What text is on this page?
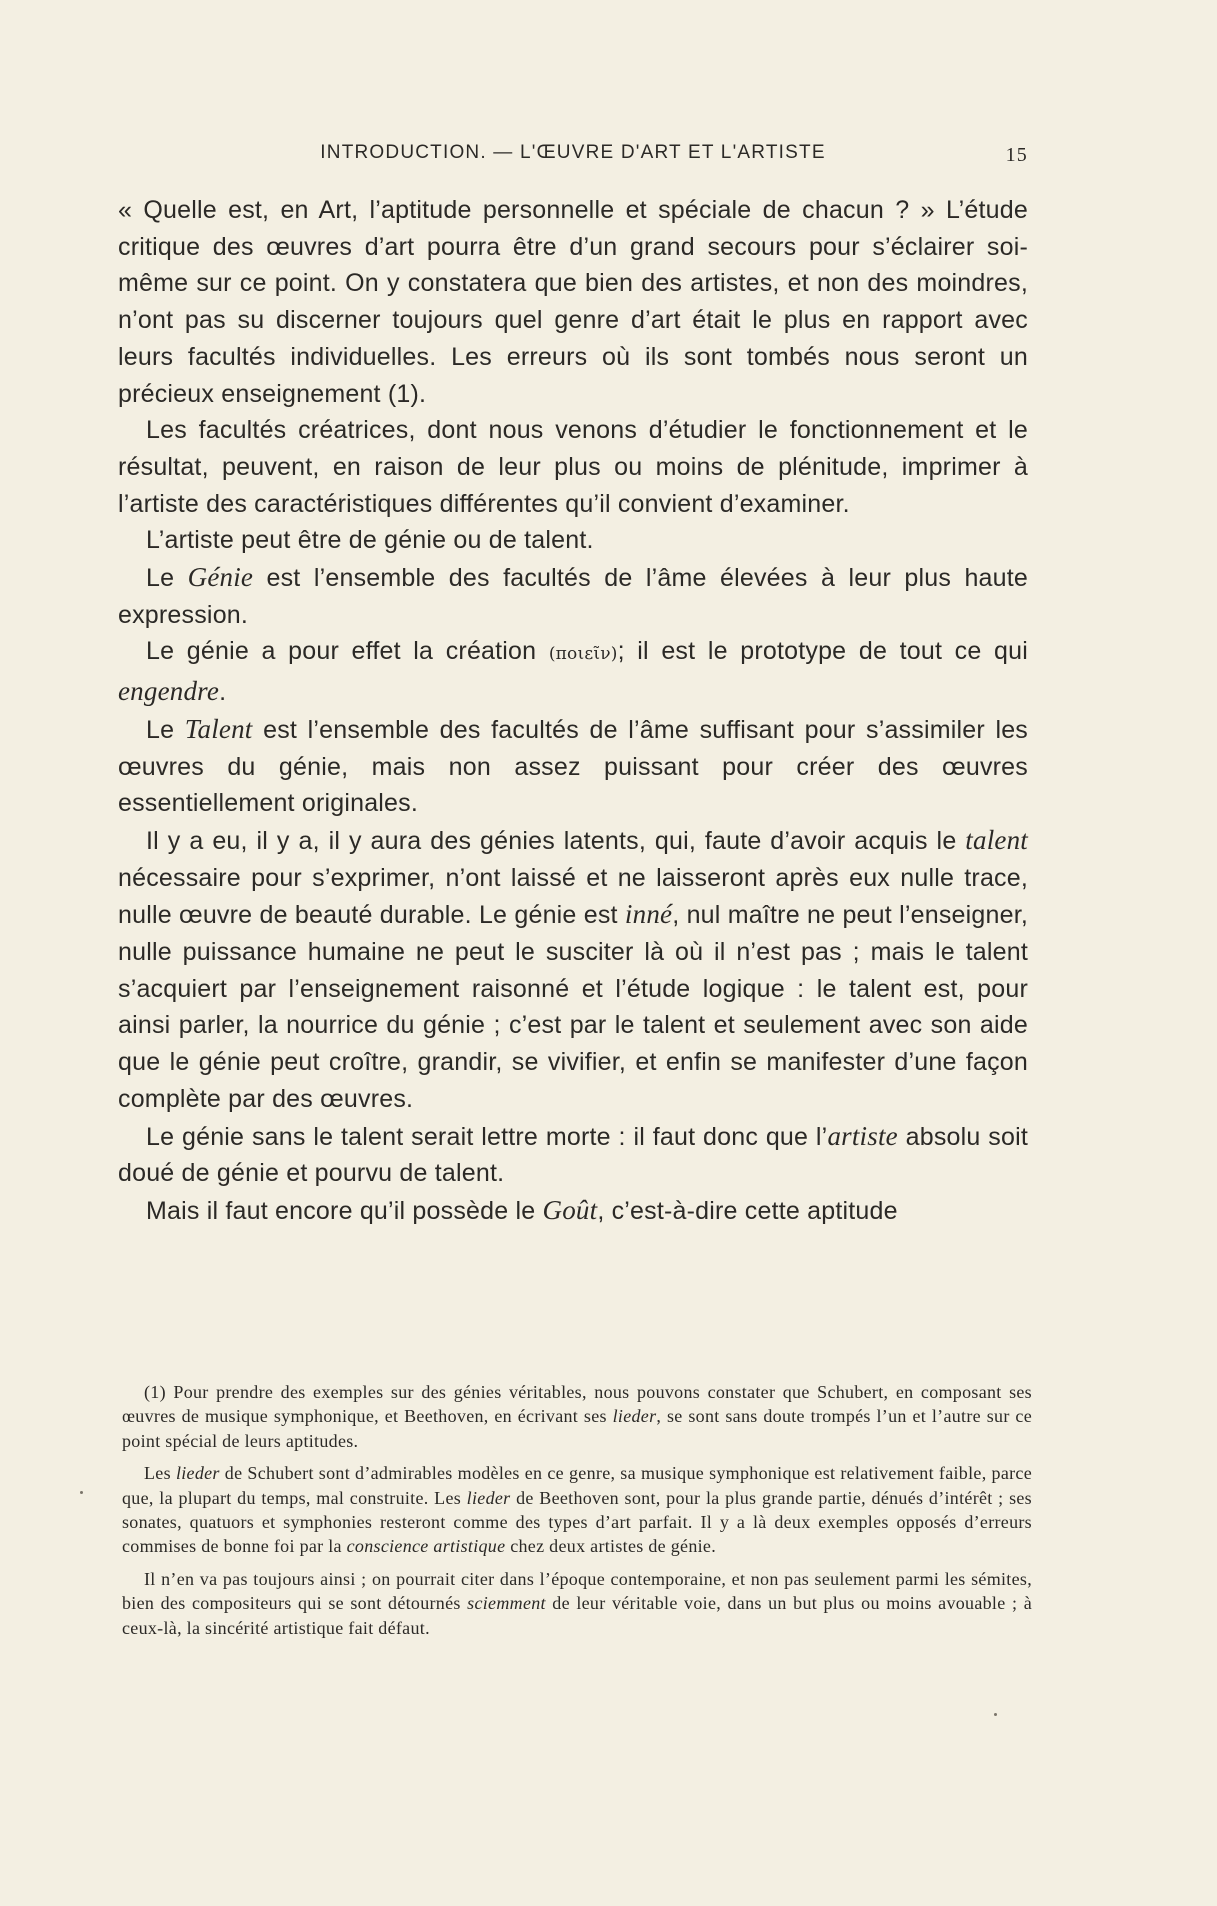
INTRODUCTION. — L'ŒUVRE D'ART ET L'ARTISTE	15

« Quelle est, en Art, l’aptitude personnelle et spéciale de chacun ? » L’étude critique des œuvres d’art pourra être d’un grand secours pour s’éclairer soi-même sur ce point. On y constatera que bien des artistes, et non des moindres, n’ont pas su discerner toujours quel genre d’art était le plus en rapport avec leurs facultés individuelles. Les erreurs où ils sont tombés nous seront un précieux enseignement (1).

Les facultés créatrices, dont nous venons d’étudier le fonctionnement et le résultat, peuvent, en raison de leur plus ou moins de plénitude, imprimer à l’artiste des caractéristiques différentes qu’il convient d’examiner.

L’artiste peut être de génie ou de talent.

Le Génie est l’ensemble des facultés de l’âme élevées à leur plus haute expression.

Le génie a pour effet la création (ποιεῖν); il est le prototype de tout ce qui engendre.

Le Talent est l’ensemble des facultés de l’âme suffisant pour s’assimiler les œuvres du génie, mais non assez puissant pour créer des œuvres essentiellement originales.

Il y a eu, il y a, il y aura des génies latents, qui, faute d’avoir acquis le talent nécessaire pour s’exprimer, n’ont laissé et ne laisseront après eux nulle trace, nulle œuvre de beauté durable. Le génie est inné, nul maître ne peut l’enseigner, nulle puissance humaine ne peut le susciter là où il n’est pas ; mais le talent s’acquiert par l’enseignement raisonné et l’étude logique : le talent est, pour ainsi parler, la nourrice du génie ; c’est par le talent et seulement avec son aide que le génie peut croître, grandir, se vivifier, et enfin se manifester d’une façon complète par des œuvres.

Le génie sans le talent serait lettre morte : il faut donc que l’artiste absolu soit doué de génie et pourvu de talent.

Mais il faut encore qu’il possède le Goût, c’est-à-dire cette aptitude

(1) Pour prendre des exemples sur des génies véritables, nous pouvons constater que Schubert, en composant ses œuvres de musique symphonique, et Beethoven, en écrivant ses lieder, se sont sans doute trompés l’un et l’autre sur ce point spécial de leurs aptitudes.

Les lieder de Schubert sont d’admirables modèles en ce genre, sa musique symphonique est relativement faible, parce que, la plupart du temps, mal construite. Les lieder de Beethoven sont, pour la plus grande partie, dénués d’intérêt ; ses sonates, quatuors et symphonies resteront comme des types d’art parfait. Il y a là deux exemples opposés d’erreurs commises de bonne foi par la conscience artistique chez deux artistes de génie.

Il n’en va pas toujours ainsi ; on pourrait citer dans l’époque contemporaine, et non pas seulement parmi les sémites, bien des compositeurs qui se sont détournés sciemment de leur véritable voie, dans un but plus ou moins avouable ; à ceux-là, la sincérité artistique fait défaut.
